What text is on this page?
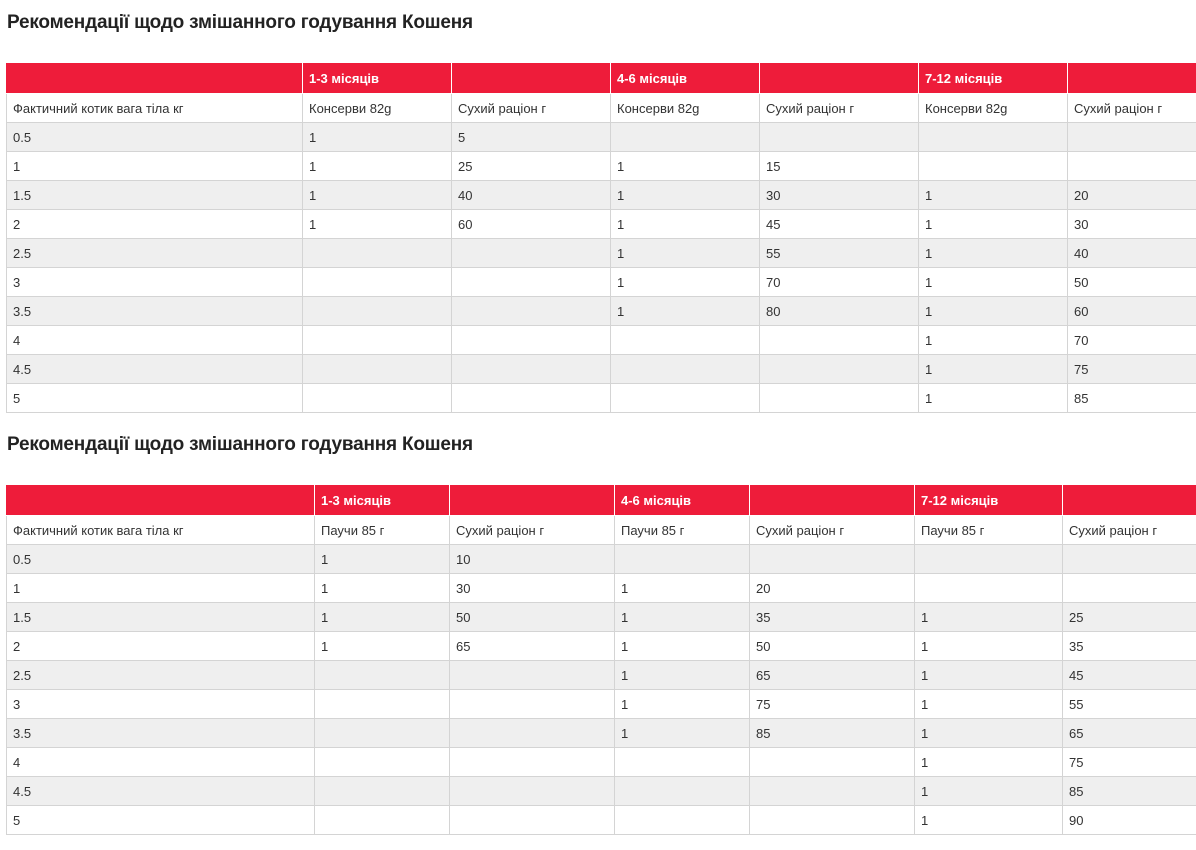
Рекомендації щодо змішанного годування Кошеня
	1-3 місяців		4-6 місяців		7-12 місяців	
Фактичний котик вага тіла кг	Консерви 82g	Сухий раціон г	Консерви 82g	Сухий раціон г	Консерви 82g	Сухий раціон г
0.5	1	5				
1	1	25	1	15		
1.5	1	40	1	30	1	20
2	1	60	1	45	1	30
2.5			1	55	1	40
3			1	70	1	50
3.5			1	80	1	60
4					1	70
4.5					1	75
5					1	85
Рекомендації щодо змішанного годування Кошеня
	1-3 місяців		4-6 місяців		7-12 місяців	
Фактичний котик вага тіла кг	Паучи 85 г	Сухий раціон г	Паучи 85 г	Сухий раціон г	Паучи 85 г	Сухий раціон г
0.5	1	10				
1	1	30	1	20		
1.5	1	50	1	35	1	25
2	1	65	1	50	1	35
2.5			1	65	1	45
3			1	75	1	55
3.5			1	85	1	65
4					1	75
4.5					1	85
5					1	90
